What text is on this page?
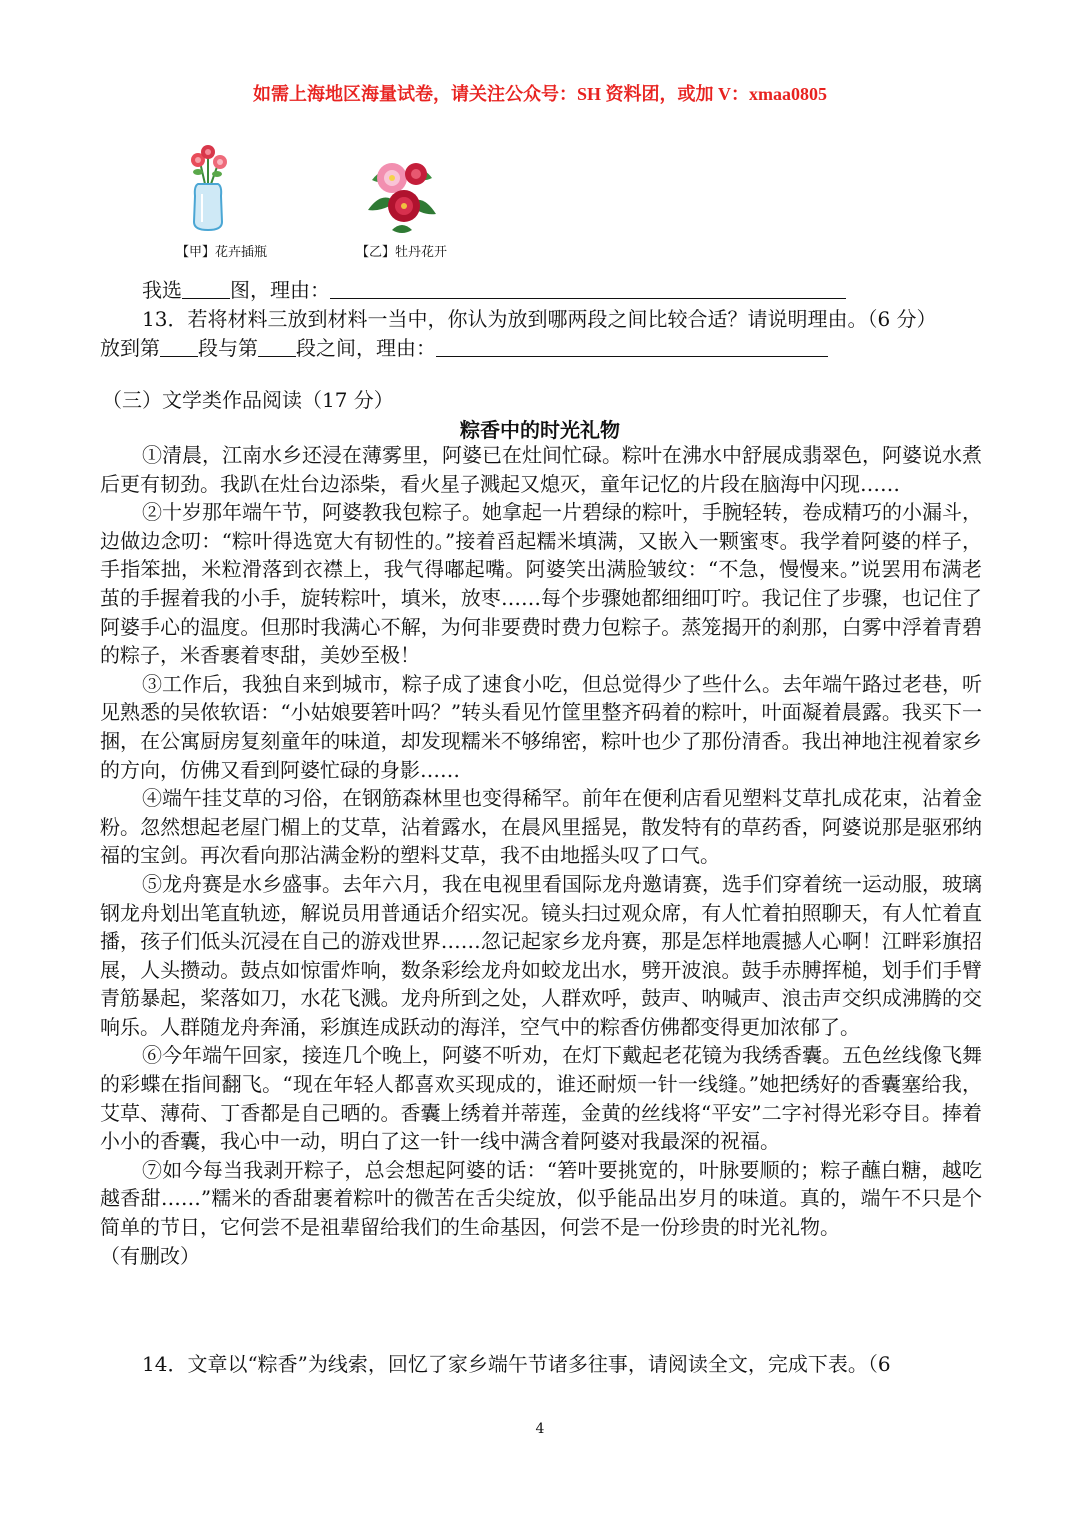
如需上海地区海量试卷，请关注公众号：SH 资料团，或加 V：xmaa0805
【甲】花卉插瓶	【乙】牡丹花开
我选 图，理由：
13．若将材料三放到材料一当中，你认为放到哪两段之间比较合适？请说明理由。（6 分）
放到第 段与第 段之间，理由：
（三）文学类作品阅读（17 分）
粽香中的时光礼物

①清晨，江南水乡还浸在薄雾里，阿婆已在灶间忙碌。粽叶在沸水中舒展成翡翠色，阿婆说水煮后更有韧劲。我趴在灶台边添柴，看火星子溅起又熄灭，童年记忆的片段在脑海中闪现……

②十岁那年端午节，阿婆教我包粽子。她拿起一片碧绿的粽叶，手腕轻转，卷成精巧的小漏斗，边做边念叨：“粽叶得选宽大有韧性的。”接着舀起糯米填满，又嵌入一颗蜜枣。我学着阿婆的样子，手指笨拙，米粒滑落到衣襟上，我气得嘟起嘴。阿婆笑出满脸皱纹：“不急，慢慢来。”说罢用布满老茧的手握着我的小手，旋转粽叶，填米，放枣……每个步骤她都细细叮咛。我记住了步骤，也记住了阿婆手心的温度。但那时我满心不解，为何非要费时费力包粽子。蒸笼揭开的刹那，白雾中浮着青碧的粽子，米香裹着枣甜，美妙至极！

③工作后，我独自来到城市，粽子成了速食小吃，但总觉得少了些什么。去年端午路过老巷，听见熟悉的吴侬软语：“小姑娘要箬叶吗？”转头看见竹筐里整齐码着的粽叶，叶面凝着晨露。我买下一捆，在公寓厨房复刻童年的味道，却发现糯米不够绵密，粽叶也少了那份清香。我出神地注视着家乡的方向，仿佛又看到阿婆忙碌的身影……

④端午挂艾草的习俗，在钢筋森林里也变得稀罕。前年在便利店看见塑料艾草扎成花束，沾着金粉。忽然想起老屋门楣上的艾草，沾着露水，在晨风里摇晃，散发特有的草药香，阿婆说那是驱邪纳福的宝剑。再次看向那沾满金粉的塑料艾草，我不由地摇头叹了口气。

⑤龙舟赛是水乡盛事。去年六月，我在电视里看国际龙舟邀请赛，选手们穿着统一运动服，玻璃钢龙舟划出笔直轨迹，解说员用普通话介绍实况。镜头扫过观众席，有人忙着拍照聊天，有人忙着直播，孩子们低头沉浸在自己的游戏世界……忽记起家乡龙舟赛，那是怎样地震撼人心啊！江畔彩旗招展，人头攒动。鼓点如惊雷炸响，数条彩绘龙舟如蛟龙出水，劈开波浪。鼓手赤膊挥槌，划手们手臂青筋暴起，桨落如刀，水花飞溅。龙舟所到之处，人群欢呼，鼓声、呐喊声、浪击声交织成沸腾的交响乐。人群随龙舟奔涌，彩旗连成跃动的海洋，空气中的粽香仿佛都变得更加浓郁了。

⑥今年端午回家，接连几个晚上，阿婆不听劝，在灯下戴起老花镜为我绣香囊。五色丝线像飞舞的彩蝶在指间翻飞。“现在年轻人都喜欢买现成的，谁还耐烦一针一线缝。”她把绣好的香囊塞给我，艾草、薄荷、丁香都是自己晒的。香囊上绣着并蒂莲，金黄的丝线将“平安”二字衬得光彩夺目。捧着小小的香囊，我心中一动，明白了这一针一线中满含着阿婆对我最深的祝福。

⑦如今每当我剥开粽子，总会想起阿婆的话：“箬叶要挑宽的，叶脉要顺的；粽子蘸白糖，越吃越香甜……”糯米的香甜裹着粽叶的微苦在舌尖绽放，似乎能品出岁月的味道。真的，端午不只是个简单的节日，它何尝不是祖辈留给我们的生命基因，何尝不是一份珍贵的时光礼物。

（有删改）

14．文章以“粽香”为线索，回忆了家乡端午节诸多往事，请阅读全文，完成下表。（6
4
